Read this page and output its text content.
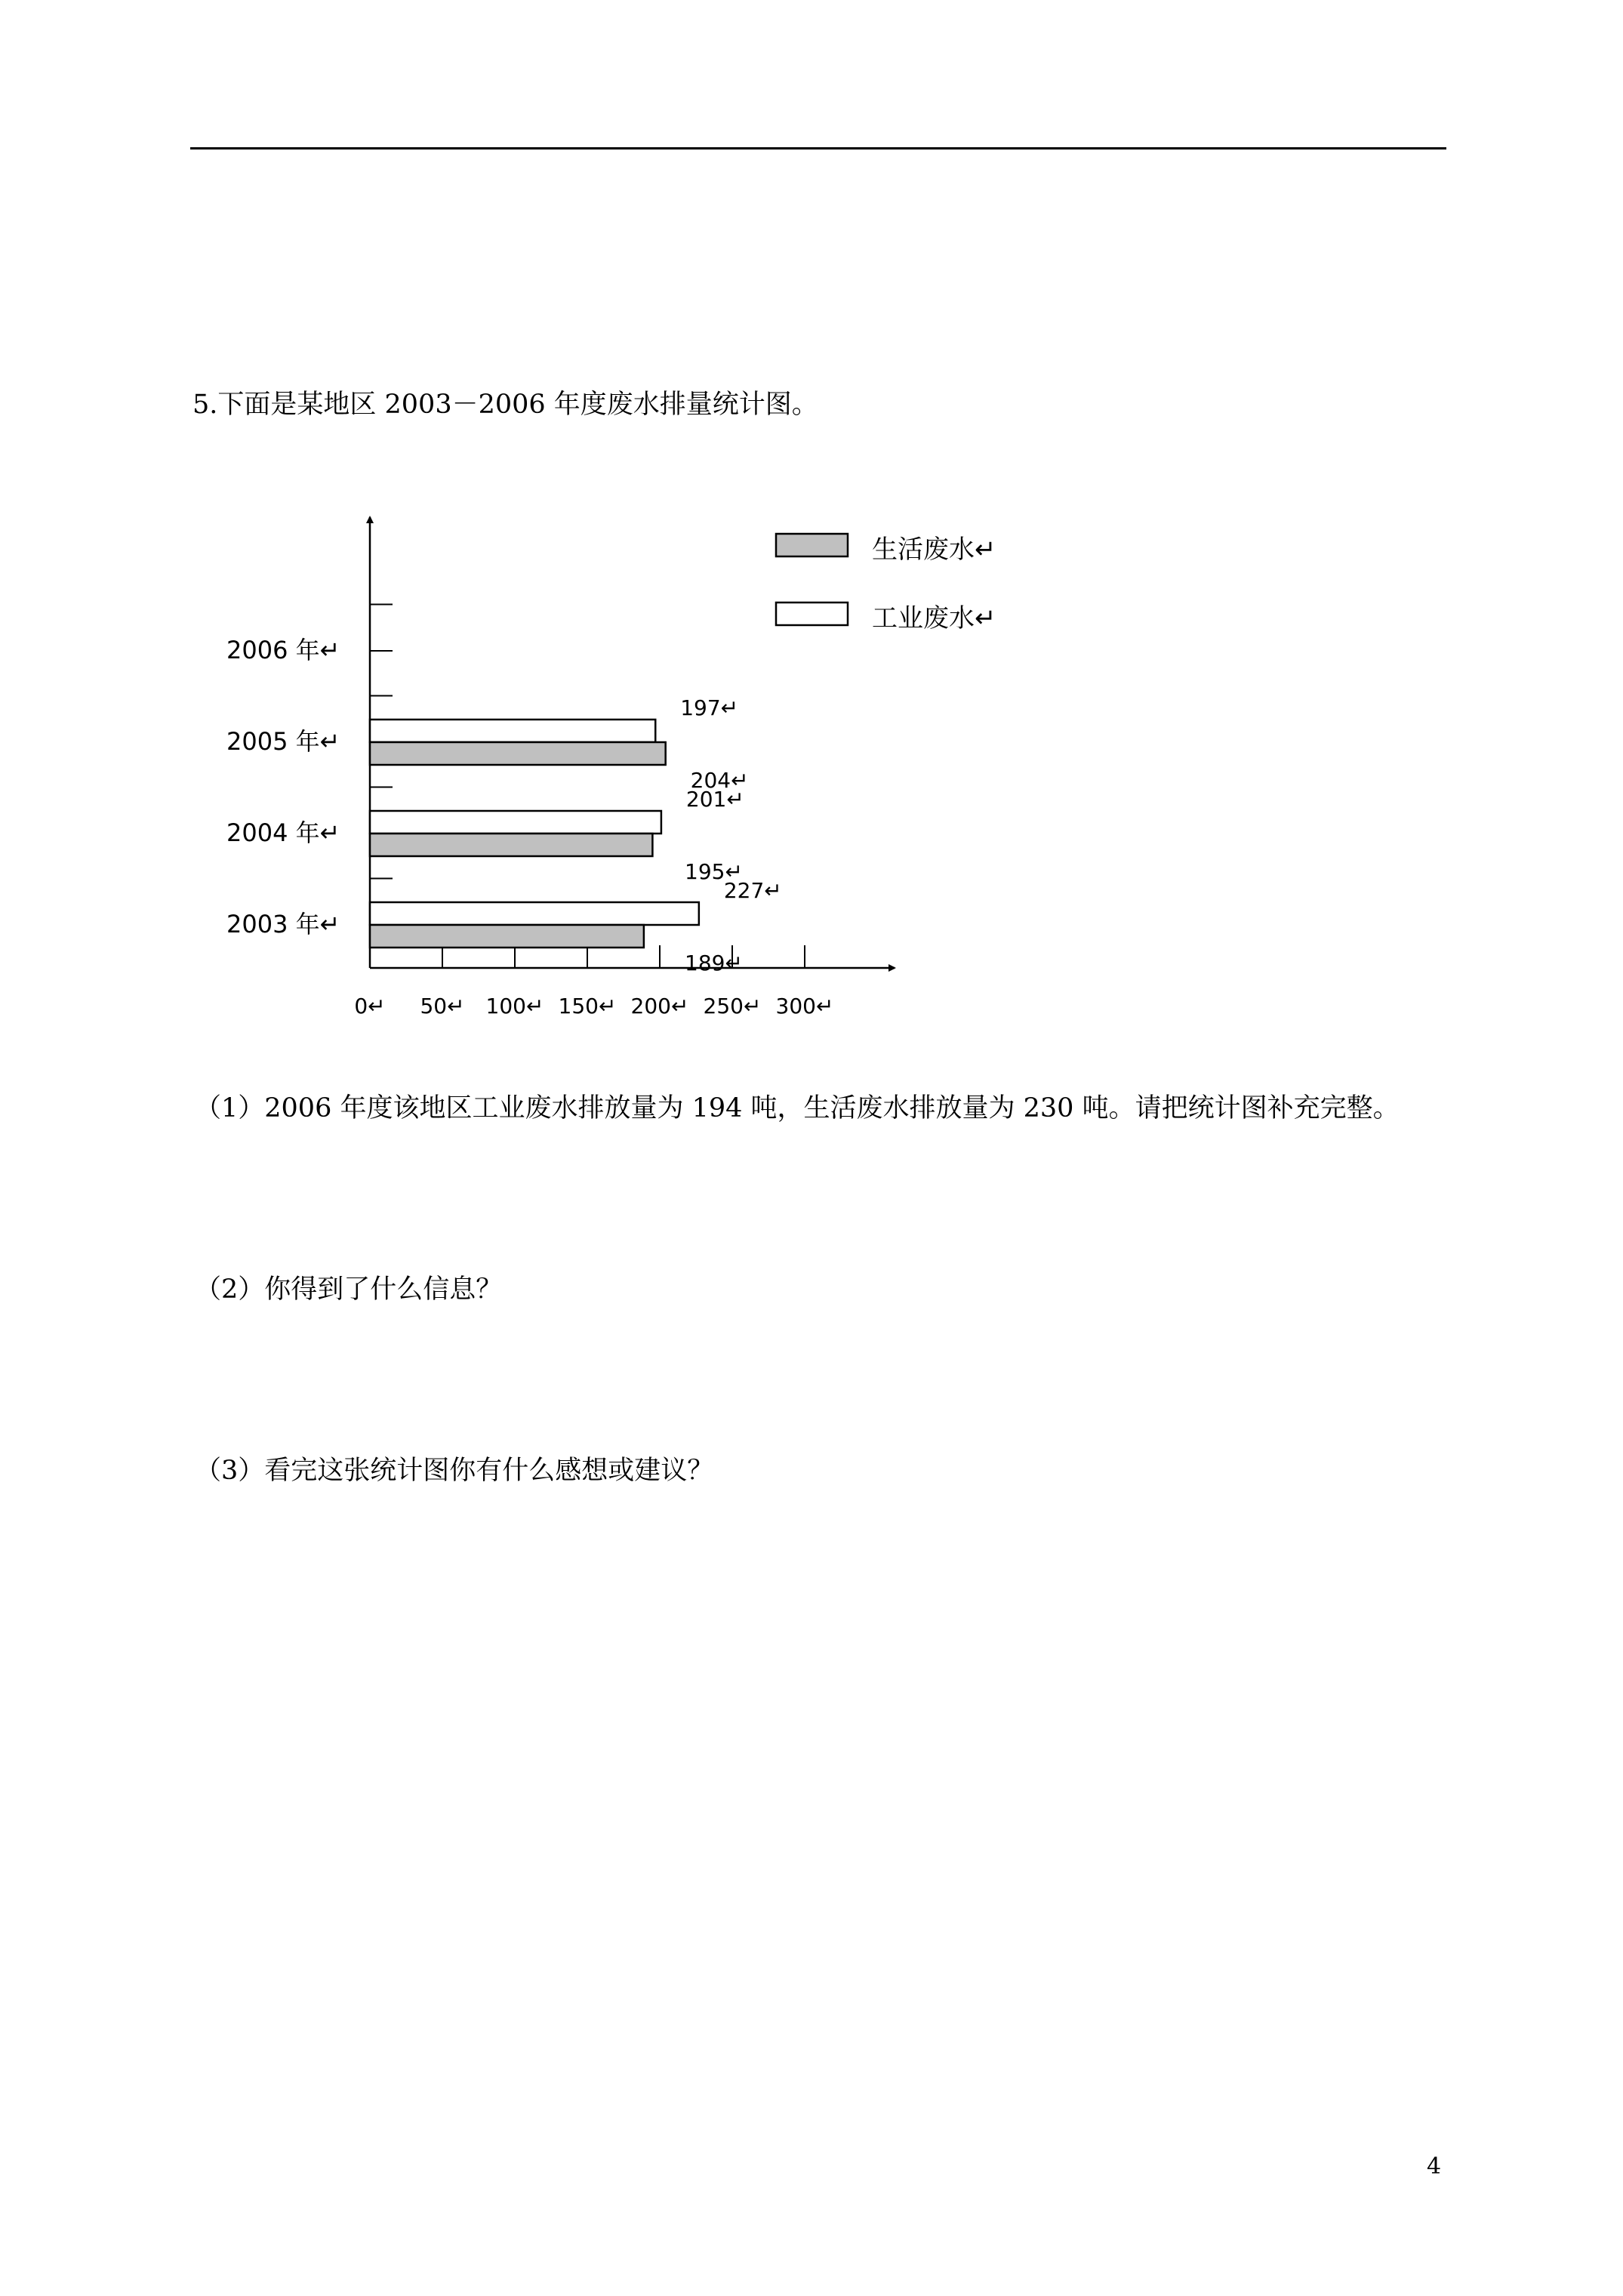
5.下面是某地区 2003－2006 年度废水排量统计图。
0↵ 50↵ 100↵ 150↵ 200↵ 250↵ 300↵
2003 年↵
2004 年↵
2005 年↵
2006 年↵
227↵
201↵
197↵
189↵
195↵
204↵
生活废水↵
工业废水↵
（1）2006 年度该地区工业废水排放量为 194 吨，生活废水排放量为 230 吨。请把统计图补充完整。
（2）你得到了什么信息？
（3）看完这张统计图你有什么感想或建议？
4
